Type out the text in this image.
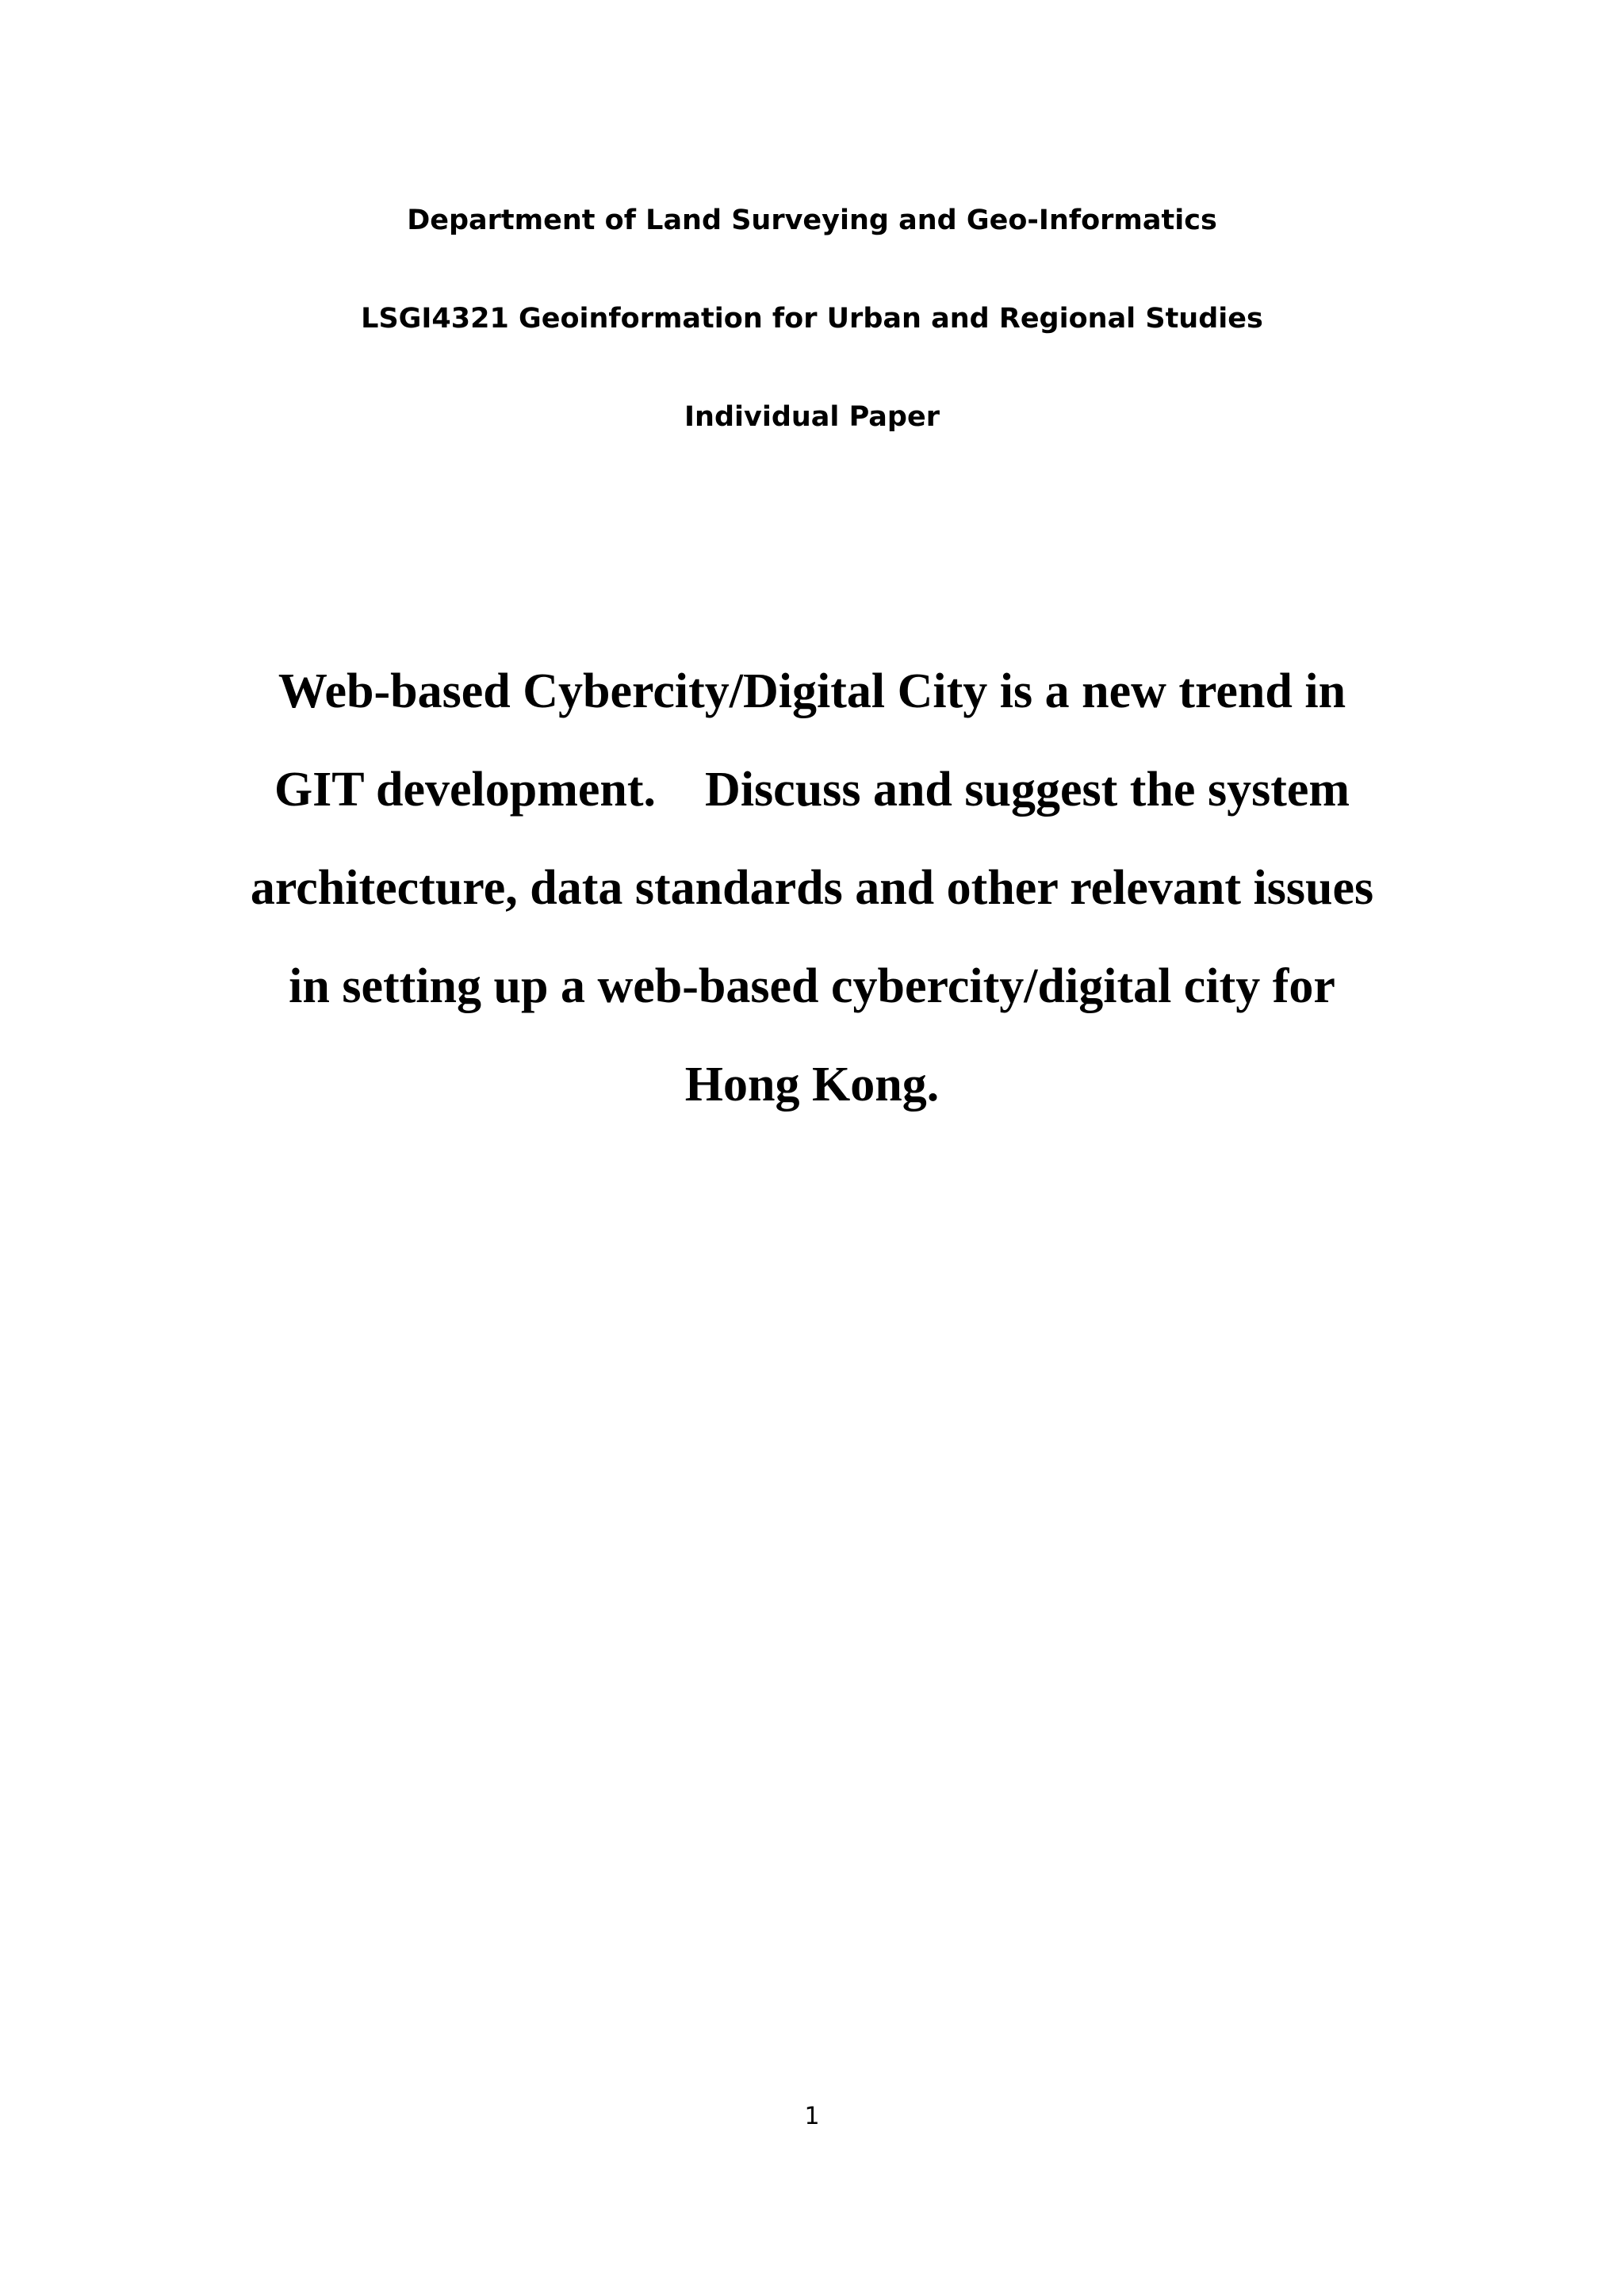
Department of Land Surveying and Geo-Informatics
LSGI4321 Geoinformation for Urban and Regional Studies
Individual Paper
Web-based Cybercity/Digital City is a new trend in
GIT development.    Discuss and suggest the system
architecture, data standards and other relevant issues
in setting up a web-based cybercity/digital city for
Hong Kong.
1
